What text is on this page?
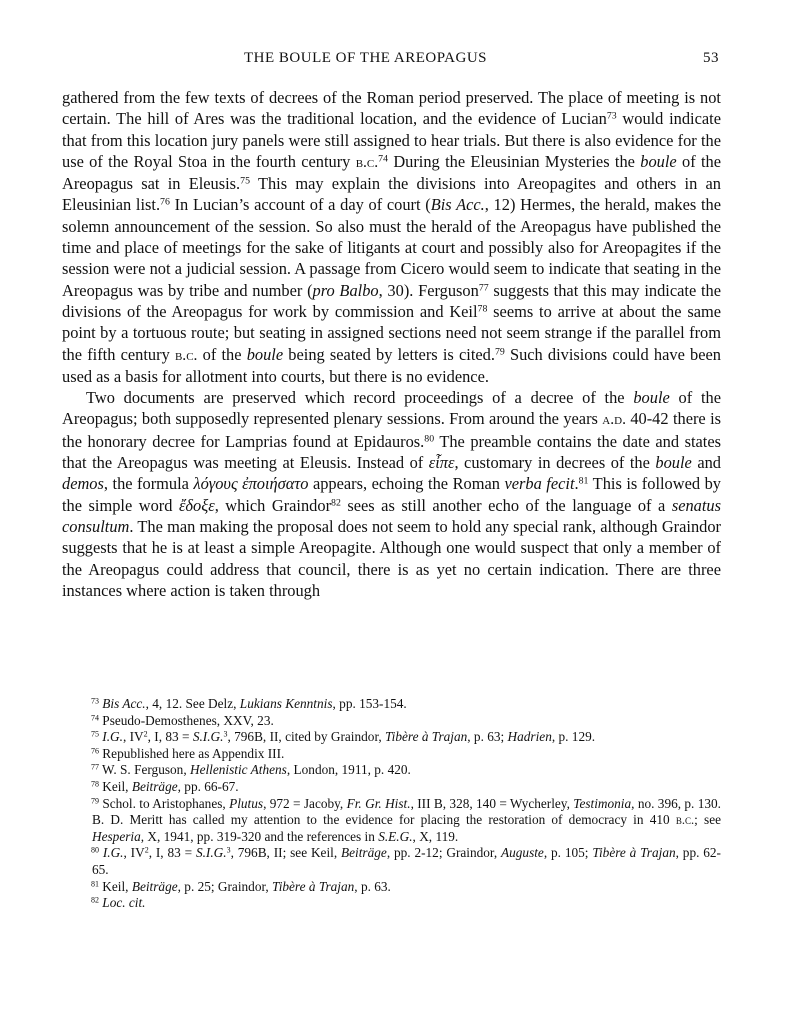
THE BOULE OF THE AREOPAGUS	53

gathered from the few texts of decrees of the Roman period preserved. The place of meeting is not certain. The hill of Ares was the traditional location, and the evidence of Lucian$^{73}$ would indicate that from this location jury panels were still assigned to hear trials. But there is also evidence for the use of the Royal Stoa in the fourth century b.c.$^{74}$ During the Eleusinian Mysteries the boule of the Areopagus sat in Eleusis.$^{75}$ This may explain the divisions into Areopagites and others in an Eleusinian list.$^{76}$ In Lucian’s account of a day of court (Bis Acc., 12) Hermes, the herald, makes the solemn announcement of the session. So also must the herald of the Areopagus have published the time and place of meetings for the sake of litigants at court and possibly also for Areopagites if the session were not a judicial session. A passage from Cicero would seem to indicate that seating in the Areopagus was by tribe and number (pro Balbo, 30). Ferguson$^{77}$ suggests that this may indicate the divisions of the Areopagus for work by commission and Keil$^{78}$ seems to arrive at about the same point by a tortuous route; but seating in assigned sections need not seem strange if the parallel from the fifth century b.c. of the boule being seated by letters is cited.$^{79}$ Such divisions could have been used as a basis for allotment into courts, but there is no evidence.

Two documents are preserved which record proceedings of a decree of the boule of the Areopagus; both supposedly represented plenary sessions. From around the years a.d. 40-42 there is the honorary decree for Lamprias found at Epidauros.$^{80}$ The preamble contains the date and states that the Areopagus was meeting at Eleusis. Instead of εἶπε, customary in decrees of the boule and demos, the formula λόγους ἐποιήσατο appears, echoing the Roman verba fecit.$^{81}$ This is followed by the simple word ἔδοξε, which Graindor$^{82}$ sees as still another echo of the language of a senatus consultum. The man making the proposal does not seem to hold any special rank, although Graindor suggests that he is at least a simple Areopagite. Although one would suspect that only a member of the Areopagus could address that council, there is as yet no certain indication. There are three instances where action is taken through

$^{73}$ Bis Acc., 4, 12. See Delz, Lukians Kenntnis, pp. 153-154.

$^{74}$ Pseudo-Demosthenes, XXV, 23.

$^{75}$ I.G., $IV^2$, I, 83 = S.I.G.$^3$, 796B, II, cited by Graindor, Tibère à Trajan, p. 63; Hadrien, p. 129.

$^{76}$ Republished here as Appendix III.

$^{77}$ W. S. Ferguson, Hellenistic Athens, London, 1911, p. 420.

$^{78}$ Keil, Beiträge, pp. 66-67.

$^{79}$ Schol. to Aristophanes, Plutus, 972 = Jacoby, Fr. Gr. Hist., III B, 328, 140 = Wycherley, Testimonia, no. 396, p. 130. B. D. Meritt has called my attention to the evidence for placing the restoration of democracy in 410 b.c.; see Hesperia, X, 1941, pp. 319-320 and the references in S.E.G., X, 119.

$^{80}$ I.G., $IV^2$, I, 83 = S.I.G.$^3$, 796B, II; see Keil, Beiträge, pp. 2-12; Graindor, Auguste, p. 105; Tibère à Trajan, pp. 62-65.

$^{81}$ Keil, Beiträge, p. 25; Graindor, Tibère à Trajan, p. 63.

$^{82}$ Loc. cit.
